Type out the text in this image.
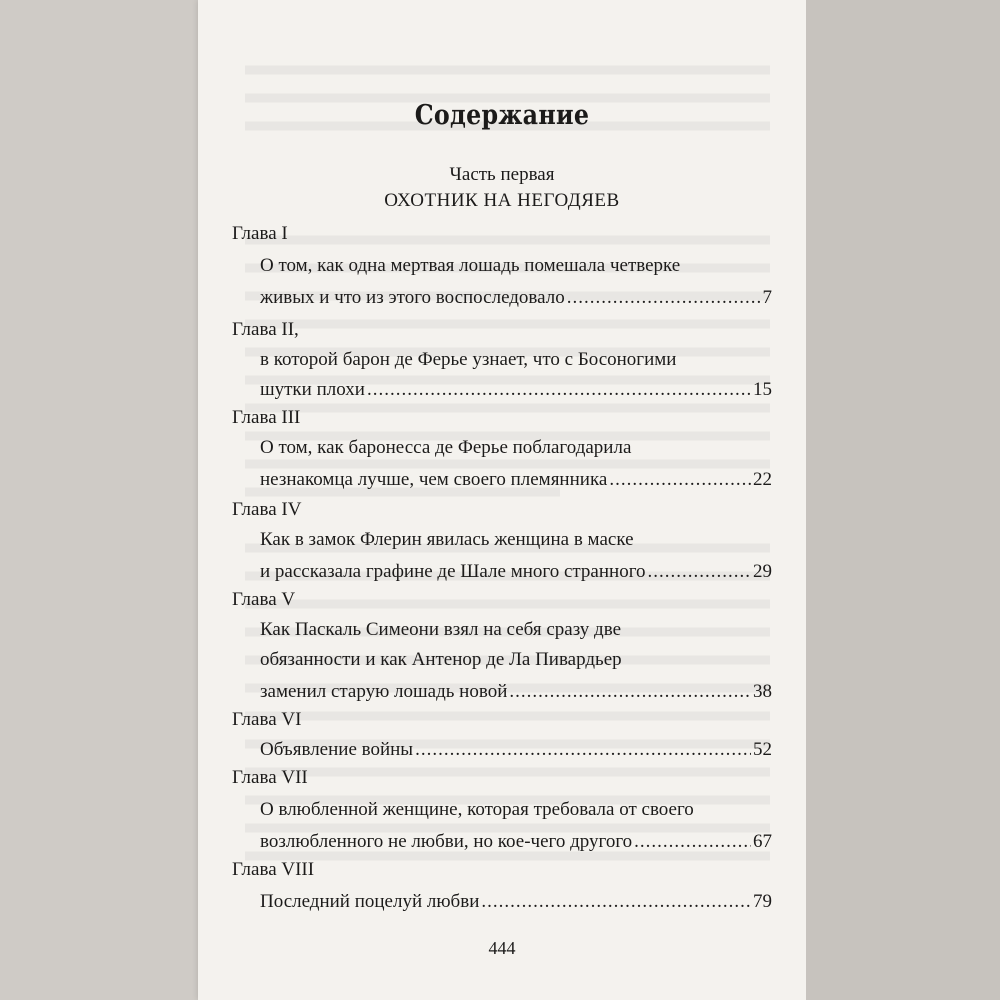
Содержание
Часть первая
ОХОТНИК НА НЕГОДЯЕВ
Глава I
О том, как одна мертвая лошадь помешала четверке
живых и что из этого воспоследовало .....	7
Глава II,
в которой барон де Ферье узнает, что с Босоногими
шутки плохи .....	15
Глава III
О том, как баронесса де Ферье поблагодарила
незнакомца лучше, чем своего племянника .....	22
Глава IV
Как в замок Флерин явилась женщина в маске
и рассказала графине де Шале много странного .....	29
Глава V
Как Паскаль Симеони взял на себя сразу две
обязанности и как Антенор де Ла Пивардьер
заменил старую лошадь новой .....	38
Глава VI
Объявление войны .....	52
Глава VII
О влюбленной женщине, которая требовала от своего
возлюбленного не любви, но кое-чего другого .....	67
Глава VIII
Последний поцелуй любви .....	79
444
